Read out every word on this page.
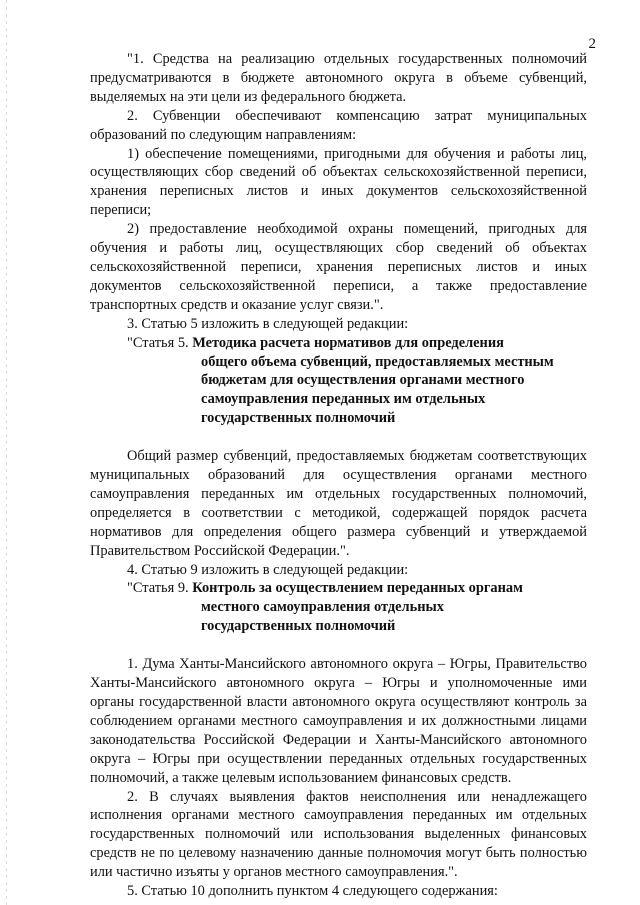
2

"1. Средства на реализацию отдельных государственных полномочий предусматриваются в бюджете автономного округа в объеме субвенций, выделяемых на эти цели из федерального бюджета.

2. Субвенции обеспечивают компенсацию затрат муниципальных образований по следующим направлениям:

1) обеспечение помещениями, пригодными для обучения и работы лиц, осуществляющих сбор сведений об объектах сельскохозяйственной переписи, хранения переписных листов и иных документов сельскохозяйственной переписи;

2) предоставление необходимой охраны помещений, пригодных для обучения и работы лиц, осуществляющих сбор сведений об объектах сельскохозяйственной переписи, хранения переписных листов и иных документов сельскохозяйственной переписи, а также предоставление транспортных средств и оказание услуг связи.".

3. Статью 5 изложить в следующей редакции:

"Статья 5. Методика расчета нормативов для определения

общего объема субвенций, предоставляемых местным

бюджетам для осуществления органами местного

самоуправления переданных им отдельных

государственных полномочий

Общий размер субвенций, предоставляемых бюджетам соответствующих муниципальных образований для осуществления органами местного самоуправления переданных им отдельных государственных полномочий, определяется в соответствии с методикой, содержащей порядок расчета нормативов для определения общего размера субвенций и утверждаемой Правительством Российской Федерации.".

4. Статью 9 изложить в следующей редакции:

"Статья 9. Контроль за осуществлением переданных органам

местного самоуправления отдельных

государственных полномочий

1. Дума Ханты-Мансийского автономного округа – Югры, Правительство Ханты-Мансийского автономного округа – Югры и уполномоченные ими органы государственной власти автономного округа осуществляют контроль за соблюдением органами местного самоуправления и их должностными лицами законодательства Российской Федерации и Ханты-Мансийского автономного округа – Югры при осуществлении переданных отдельных государственных полномочий, а также целевым использованием финансовых средств.

2. В случаях выявления фактов неисполнения или ненадлежащего исполнения органами местного самоуправления переданных им отдельных государственных полномочий или использования выделенных финансовых средств не по целевому назначению данные полномочия могут быть полностью или частично изъяты у органов местного самоуправления.".

5. Статью 10 дополнить пунктом 4 следующего содержания:
